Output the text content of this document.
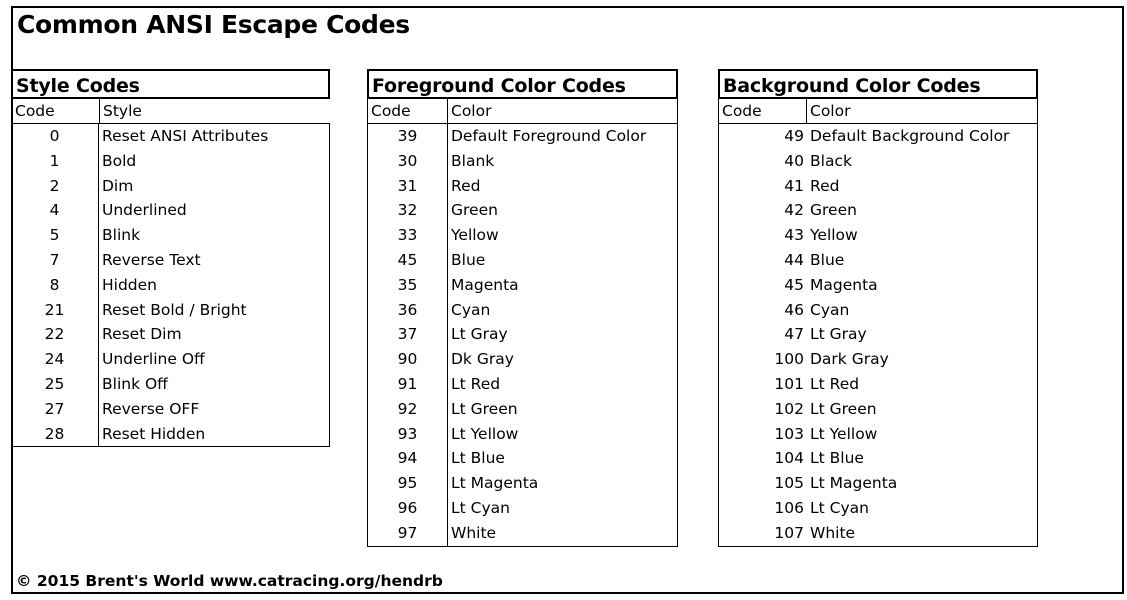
Common ANSI Escape Codes
Style Codes
Code	Style
0	Reset ANSI Attributes
1	Bold
2	Dim
4	Underlined
5	Blink
7	Reverse Text
8	Hidden
21	Reset Bold / Bright
22	Reset Dim
24	Underline Off
25	Blink Off
27	Reverse OFF
28	Reset Hidden
Foreground Color Codes
Code	Color
39	Default Foreground Color
30	Blank
31	Red
32	Green
33	Yellow
45	Blue
35	Magenta
36	Cyan
37	Lt Gray
90	Dk Gray
91	Lt Red
92	Lt Green
93	Lt Yellow
94	Lt Blue
95	Lt Magenta
96	Lt Cyan
97	White
Background Color Codes
Code	Color
49 Default Background Color
40 Black
41 Red
42 Green
43 Yellow
44 Blue
45 Magenta
46 Cyan
47 Lt Gray
100 Dark Gray
101 Lt Red
102 Lt Green
103 Lt Yellow
104 Lt Blue
105 Lt Magenta
106 Lt Cyan
107 White
© 2015 Brent's World www.catracing.org/hendrb
